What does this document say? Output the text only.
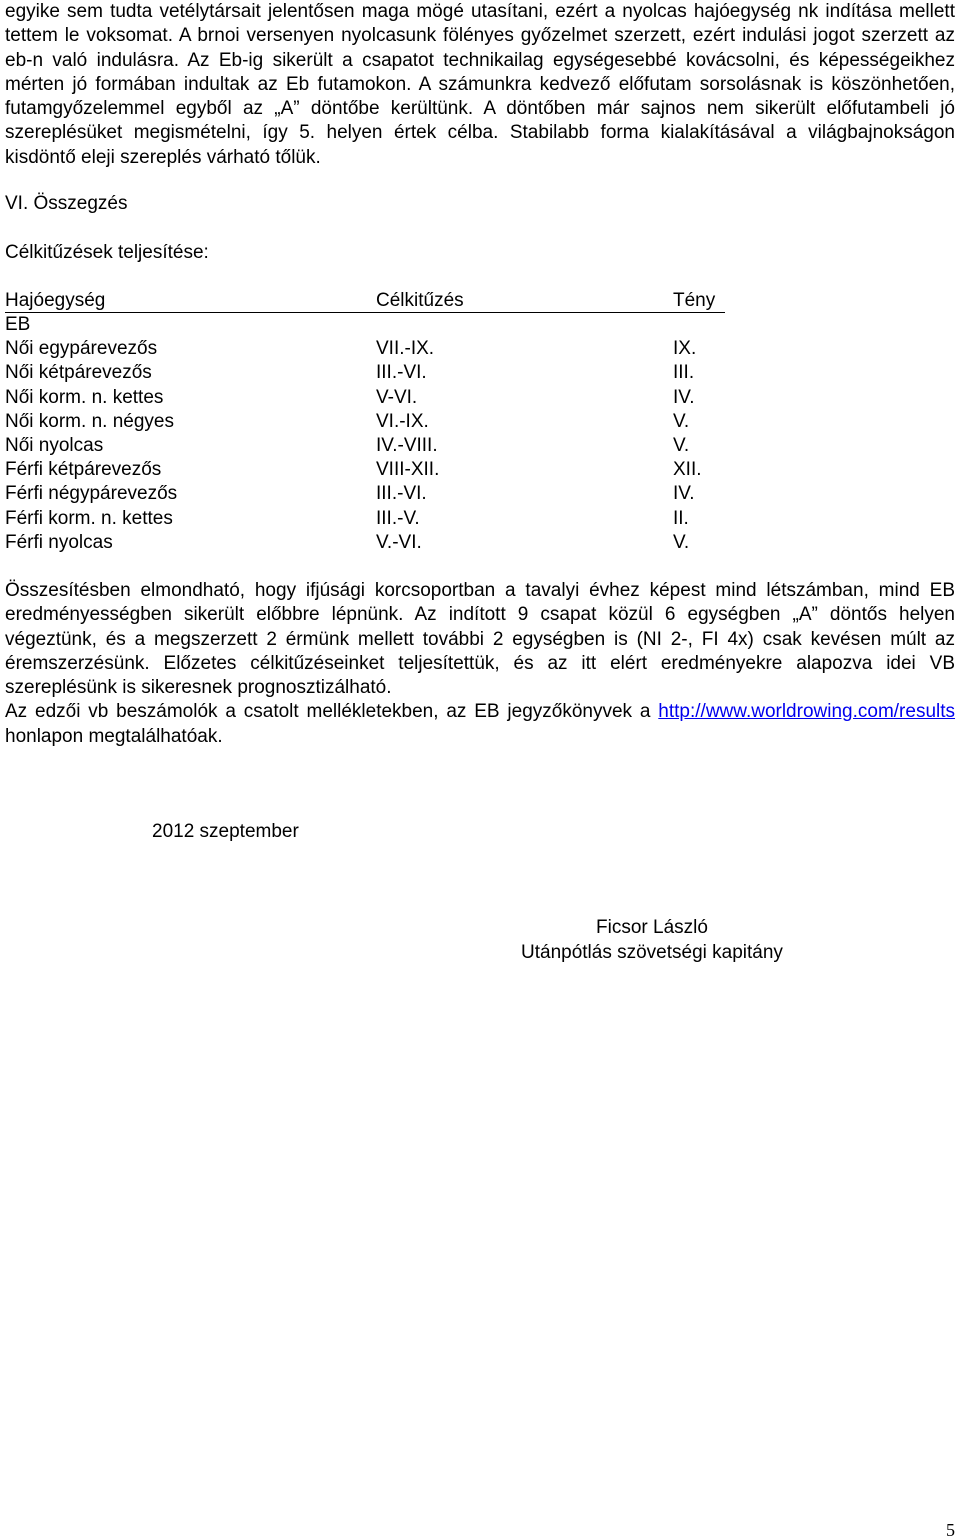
egyike sem tudta vetélytársait jelentősen maga mögé utasítani, ezért a nyolcas hajóegység nk indítása mellett tettem le voksomat. A brnoi versenyen nyolcasunk fölényes győzelmet szerzett, ezért indulási jogot szerzett az eb-n való indulásra. Az Eb-ig sikerült a csapatot technikailag egységesebbé kovácsolni, és képességeikhez mérten jó formában indultak az Eb futamokon. A számunkra kedvező előfutam sorsolásnak is köszönhetően, futamgyőzelemmel egyből az „A” döntőbe kerültünk. A döntőben már sajnos nem sikerült előfutambeli jó szereplésüket megismételni, így 5. helyen értek célba. Stabilabb forma kialakításával a világbajnokságon kisdöntő eleji szereplés várható tőlük.

VI. Összegzés
Célkitűzések teljesítése:
Hajóegység	Célkitűzés	Tény
EB
Női egypárevezős	VII.-IX.	IX.
Női kétpárevezős	III.-VI.	III.
Női korm. n. kettes	V-VI.	IV.
Női korm. n. négyes	VI.-IX.	V.
Női nyolcas	IV.-VIII.	V.
Férfi kétpárevezős	VIII-XII.	XII.
Férfi négypárevezős	III.-VI.	IV.
Férfi korm. n. kettes	III.-V.	II.
Férfi nyolcas	V.-VI.	V.

Összesítésben elmondható, hogy ifjúsági korcsoportban a tavalyi évhez képest mind létszámban, mind EB eredményességben sikerült előbbre lépnünk. Az indított 9 csapat közül 6 egységben „A” döntős helyen végeztünk, és a megszerzett 2 érmünk mellett további 2 egységben is (NI 2-, FI 4x) csak kevésen múlt az éremszerzésünk. Előzetes célkitűzéseinket teljesítettük, és az itt elért eredményekre alapozva idei VB szereplésünk is sikeresnek prognosztizálható.

Az edzői vb beszámolók a csatolt mellékletekben, az EB jegyzőkönyvek a http://www.worldrowing.com/results honlapon megtalálhatóak.

2012 szeptember
Ficsor László
Utánpótlás szövetségi kapitány
5
